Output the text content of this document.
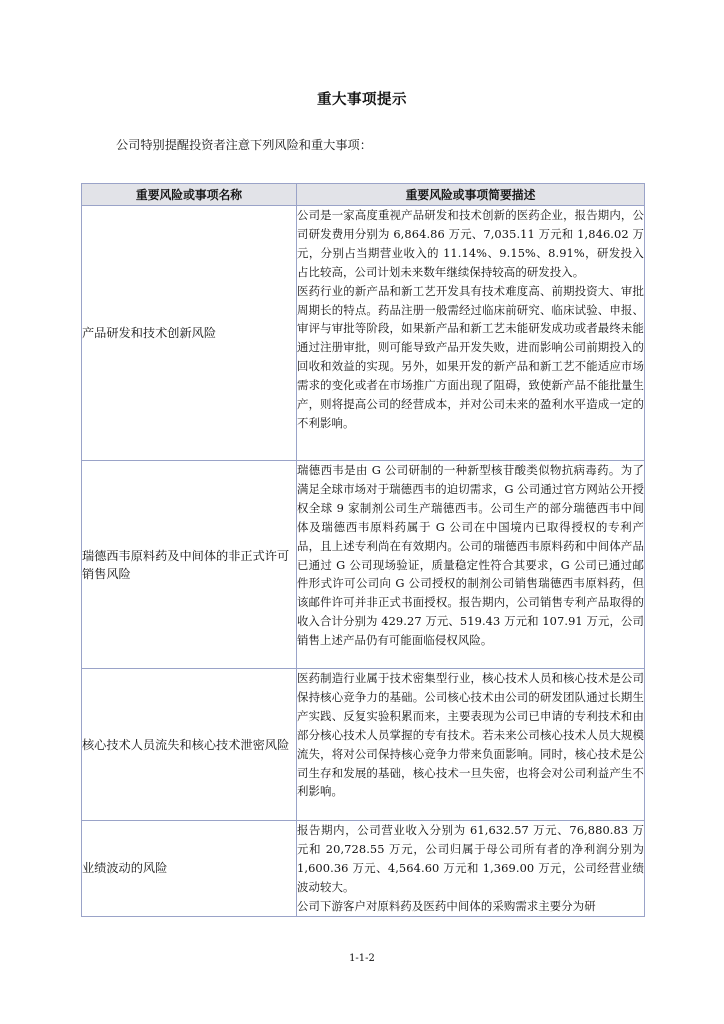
重大事项提示

公司特别提醒投资者注意下列风险和重大事项：

重要风险或事项名称	重要风险或事项简要描述
产品研发和技术创新风险	公司是一家高度重视产品研发和技术创新的医药企业，报告期内，公司研发费用分别为 6,864.86 万元、7,035.11 万元和 1,846.02 万元，分别占当期营业收入的 11.14%、9.15%、8.91%，研发投入占比较高，公司计划未来数年继续保持较高的研发投入。

医药行业的新产品和新工艺开发具有技术难度高、前期投资大、审批周期长的特点。药品注册一般需经过临床前研究、临床试验、申报、审评与审批等阶段，如果新产品和新工艺未能研发成功或者最终未能通过注册审批，则可能导致产品开发失败，进而影响公司前期投入的回收和效益的实现。另外，如果开发的新产品和新工艺不能适应市场需求的变化或者在市场推广方面出现了阻碍，致使新产品不能批量生产，则将提高公司的经营成本，并对公司未来的盈利水平造成一定的不利影响。

瑞德西韦原料药及中间体的非正式许可销售风险	瑞德西韦是由 G 公司研制的一种新型核苷酸类似物抗病毒药。为了满足全球市场对于瑞德西韦的迫切需求，G 公司通过官方网站公开授权全球 9 家制剂公司生产瑞德西韦。公司生产的部分瑞德西韦中间体及瑞德西韦原料药属于 G 公司在中国境内已取得授权的专利产品，且上述专利尚在有效期内。公司的瑞德西韦原料药和中间体产品已通过 G 公司现场验证，质量稳定性符合其要求，G 公司已通过邮件形式许可公司向 G 公司授权的制剂公司销售瑞德西韦原料药，但该邮件许可并非正式书面授权。报告期内，公司销售专利产品取得的收入合计分别为 429.27 万元、519.43 万元和 107.91 万元，公司销售上述产品仍有可能面临侵权风险。

核心技术人员流失和核心技术泄密风险	医药制造行业属于技术密集型行业，核心技术人员和核心技术是公司保持核心竞争力的基础。公司核心技术由公司的研发团队通过长期生产实践、反复实验积累而来，主要表现为公司已申请的专利技术和由部分核心技术人员掌握的专有技术。若未来公司核心技术人员大规模流失，将对公司保持核心竞争力带来负面影响。同时，核心技术是公司生存和发展的基础，核心技术一旦失密，也将会对公司利益产生不利影响。

业绩波动的风险	报告期内，公司营业收入分别为 61,632.57 万元、76,880.83 万元和 20,728.55 万元，公司归属于母公司所有者的净利润分别为 1,600.36 万元、4,564.60 万元和 1,369.00 万元，公司经营业绩波动较大。

公司下游客户对原料药及医药中间体的采购需求主要分为研

1-1-2
